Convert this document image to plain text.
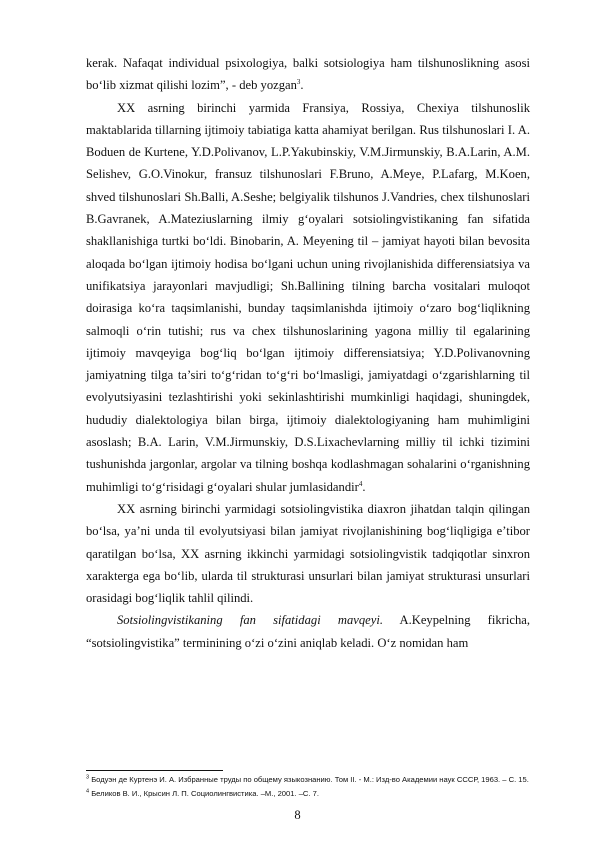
kerak. Nafaqat individual psixologiya, balki sotsiologiya ham tilshunoslikning asosi bo‘lib xizmat qilishi lozim”, - deb yozgan$^3$.

XX asrning birinchi yarmida Fransiya, Rossiya, Chexiya tilshunoslik maktablarida tillarning ijtimoiy tabiatiga katta ahamiyat berilgan. Rus tilshunoslari I. A. Boduen de Kurtene, Y.D.Polivanov, L.P.Yakubinskiy, V.M.Jirmunskiy, B.A.Larin, A.M. Selishev, G.O.Vinokur, fransuz tilshunoslari F.Bruno, A.Meye, P.Lafarg, M.Koen, shved tilshunoslari Sh.Balli, A.Seshe; belgiyalik tilshunos J.Vandries, chex tilshunoslari B.Gavranek, A.Mateziuslarning ilmiy g‘oyalari sotsiolingvistikaning fan sifatida shakllanishiga turtki bo‘ldi. Binobarin, A. Meyening til – jamiyat hayoti bilan bevosita aloqada bo‘lgan ijtimoiy hodisa bo‘lgani uchun uning rivojlanishida differensiatsiya va unifikatsiya jarayonlari mavjudligi; Sh.Ballining tilning barcha vositalari muloqot doirasiga ko‘ra taqsimlanishi, bunday taqsimlanishda ijtimoiy o‘zaro bog‘liqlikning salmoqli o‘rin tutishi; rus va chex tilshunoslarining yagona milliy til egalarining ijtimoiy mavqeyiga bog‘liq bo‘lgan ijtimoiy differensiatsiya; Y.D.Polivanovning jamiyatning tilga ta’siri to‘g‘ridan to‘g‘ri bo‘lmasligi, jamiyatdagi o‘zgarishlarning til evolyutsiyasini tezlashtirishi yoki sekinlashtirishi mumkinligi haqidagi, shuningdek, hududiy dialektologiya bilan birga, ijtimoiy dialektologiyaning ham muhimligini asoslash; B.A. Larin, V.M.Jirmunskiy, D.S.Lixachevlarning milliy til ichki tizimini tushunishda jargonlar, argolar va tilning boshqa kodlashmagan sohalarini o‘rganishning muhimligi to‘g‘risidagi g‘oyalari shular jumlasidandir$^4$.

XX asrning birinchi yarmidagi sotsiolingvistika diaxron jihatdan talqin qilingan bo‘lsa, ya’ni unda til evolyutsiyasi bilan jamiyat rivojlanishining bog‘liqligiga e’tibor qaratilgan bo‘lsa, XX asrning ikkinchi yarmidagi sotsiolingvistik tadqiqotlar sinxron xarakterga ega bo‘lib, ularda til strukturasi unsurlari bilan jamiyat strukturasi unsurlari orasidagi bog‘liqlik tahlil qilindi.

Sotsiolingvistikaning fan sifatidagi mavqeyi. A.Keypelning fikricha, “sotsiolingvistika” terminining o‘zi o‘zini aniqlab keladi. O‘z nomidan ham

$^3$ Бодуэн де Куртенэ И. А. Избранные труды по общему языкознанию. Том II. - М.: Изд-во Академии наук СССР, 1963. – С. 15.

$^4$ Беликов В. И., Крысин Л. П. Социолингвистика. –М., 2001. –С. 7.

8
